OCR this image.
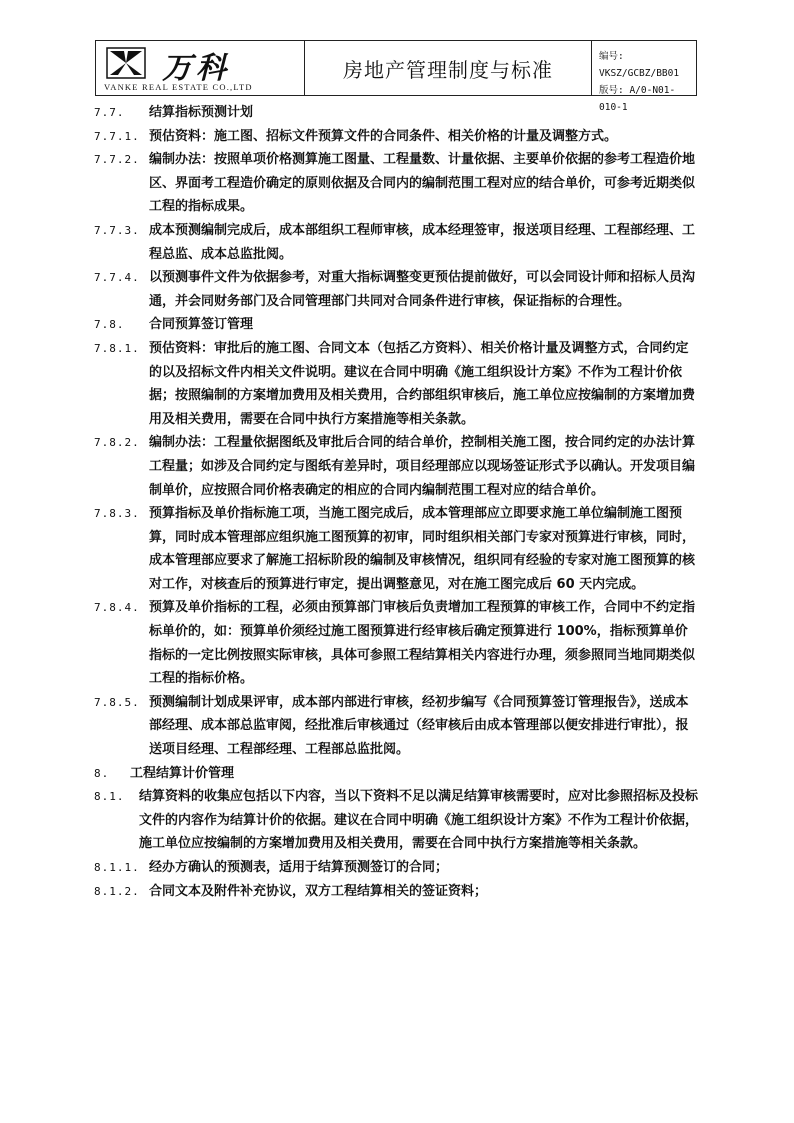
万科
VANKE REAL ESTATE CO.,LTD
房地产管理制度与标准
编号: VKSZ/GCBZ/BB01
版号: A/0-N01-010-1
7.7. 结算指标预测计划
7.7.1. 预估资料：施工图、招标文件预算文件的合同条件、相关价格的计量及调整方式。
7.7.2. 编制办法：按照单项价格测算施工图量、工程量数、计量依据、主要单价依据的参考工程造价地区、界面考工程造价确定的原则依据及合同内的编制范围工程对应的结合单价，可参考近期类似工程的指标成果。
7.7.3. 成本预测编制完成后，成本部组织工程师审核，成本经理签审，报送项目经理、工程部经理、工程总监、成本总监批阅。
7.7.4. 以预测事件文件为依据参考，对重大指标调整变更预估提前做好，可以会同设计师和招标人员沟通，并会同财务部门及合同管理部门共同对合同条件进行审核，保证指标的合理性。
7.8. 合同预算签订管理
7.8.1. 预估资料：审批后的施工图、合同文本（包括乙方资料）、相关价格计量及调整方式，合同约定的以及招标文件内相关文件说明。建议在合同中明确《施工组织设计方案》不作为工程计价依据；按照编制的方案增加费用及相关费用，合约部组织审核后，施工单位应按编制的方案增加费用及相关费用，需要在合同中执行方案措施等相关条款。
7.8.2. 编制办法：工程量依据图纸及审批后合同的结合单价，控制相关施工图，按合同约定的办法计算工程量；如涉及合同约定与图纸有差异时，项目经理部应以现场签证形式予以确认。开发项目编制单价，应按照合同价格表确定的相应的合同内编制范围工程对应的结合单价。
7.8.3. 预算指标及单价指标施工项，当施工图完成后，成本管理部应立即要求施工单位编制施工图预算，同时成本管理部应组织施工图预算的初审，同时组织相关部门专家对预算进行审核，同时，成本管理部应要求了解施工招标阶段的编制及审核情况，组织同有经验的专家对施工图预算的核对工作，对核查后的预算进行审定，提出调整意见，对在施工图完成后 60 天内完成。
7.8.4. 预算及单价指标的工程，必须由预算部门审核后负责增加工程预算的审核工作，合同中不约定指标单价的，如：预算单价须经过施工图预算进行经审核后确定预算进行 100%，指标预算单价指标的一定比例按照实际审核，具体可参照工程结算相关内容进行办理，须参照同当地同期类似工程的指标价格。
7.8.5. 预测编制计划成果评审，成本部内部进行审核，经初步编写《合同预算签订管理报告》，送成本部经理、成本部总监审阅，经批准后审核通过（经审核后由成本管理部以便安排进行审批），报送项目经理、工程部经理、工程部总监批阅。
8. 工程结算计价管理
8.1. 结算资料的收集应包括以下内容，当以下资料不足以满足结算审核需要时，应对比参照招标及投标文件的内容作为结算计价的依据。建议在合同中明确《施工组织设计方案》不作为工程计价依据，施工单位应按编制的方案增加费用及相关费用，需要在合同中执行方案措施等相关条款。
8.1.1. 经办方确认的预测表，适用于结算预测签订的合同；
8.1.2. 合同文本及附件补充协议，双方工程结算相关的签证资料；
